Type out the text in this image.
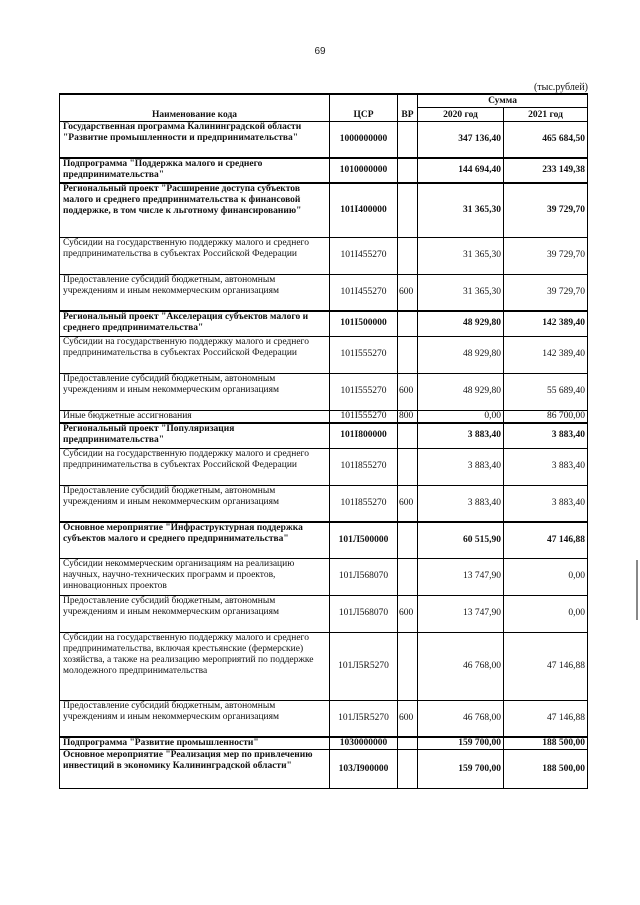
69
(тыс.рублей)
Наименование кода	ЦСР	ВР	Сумма	
			2020 год	2021 год
Государственная программа Калининградской области "Развитие промышленности и предпринимательства"	1000000000		347 136,40	465 684,50
Подпрограмма "Поддержка малого и среднего предпринимательства"	1010000000		144 694,40	233 149,38
Региональный проект "Расширение доступа субъектов малого и среднего предпринимательства к финансовой поддержке, в том числе к льготному финансированию"	101I400000		31 365,30	39 729,70
Субсидии на государственную поддержку малого и среднего предпринимательства в субъектах Российской Федерации	101I455270		31 365,30	39 729,70
Предоставление субсидий бюджетным, автономным учреждениям и иным некоммерческим организациям	101I455270	600	31 365,30	39 729,70
Региональный проект "Акселерация субъектов малого и среднего предпринимательства"	101I500000		48 929,80	142 389,40
Субсидии на государственную поддержку малого и среднего предпринимательства в субъектах Российской Федерации	101I555270		48 929,80	142 389,40
Предоставление субсидий бюджетным, автономным учреждениям и иным некоммерческим организациям	101I555270	600	48 929,80	55 689,40
Иные бюджетные ассигнования	101I555270	800	0,00	86 700,00
Региональный проект "Популяризация предпринимательства"	101I800000		3 883,40	3 883,40
Субсидии на государственную поддержку малого и среднего предпринимательства в субъектах Российской Федерации	101I855270		3 883,40	3 883,40
Предоставление субсидий бюджетным, автономным учреждениям и иным некоммерческим организациям	101I855270	600	3 883,40	3 883,40
Основное мероприятие "Инфраструктурная поддержка субъектов малого и среднего предпринимательства"	101Л500000		60 515,90	47 146,88
Субсидии некоммерческим организациям на реализацию научных, научно-технических программ и проектов, инновационных проектов	101Л568070		13 747,90	0,00
Предоставление субсидий бюджетным, автономным учреждениям и иным некоммерческим организациям	101Л568070	600	13 747,90	0,00
Субсидии на государственную поддержку малого и среднего предпринимательства, включая крестьянские (фермерские) хозяйства, а также на реализацию мероприятий по поддержке молодежного предпринимательства	101Л5R5270		46 768,00	47 146,88
Предоставление субсидий бюджетным, автономным учреждениям и иным некоммерческим организациям	101Л5R5270	600	46 768,00	47 146,88
Подпрограмма "Развитие промышленности"	1030000000		159 700,00	188 500,00
Основное мероприятие "Реализация мер по привлечению инвестиций в экономику Калининградской области"	103Л900000		159 700,00	188 500,00
